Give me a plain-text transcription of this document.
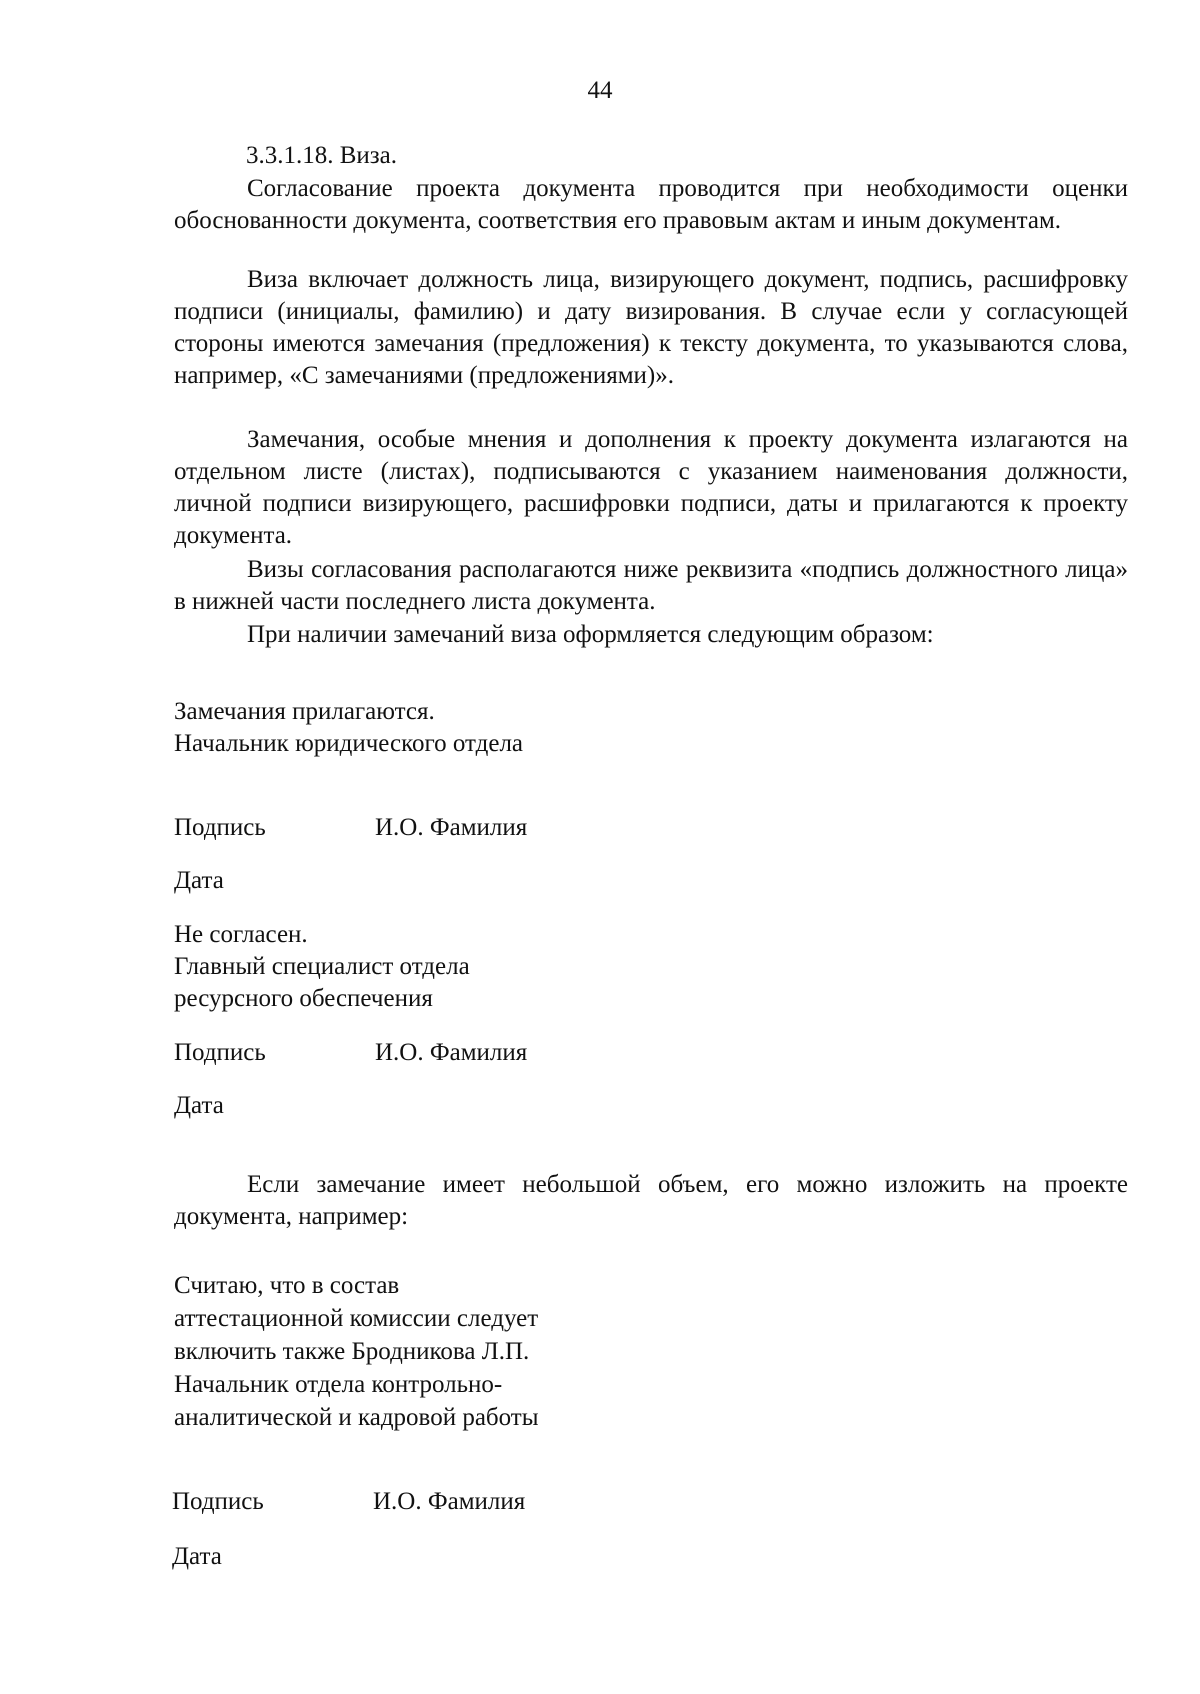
44
3.3.1.18. Виза.
Согласование проекта документа проводится при необходимости оценки обоснованности документа, соответствия его правовым актам и иным документам.
Виза включает должность лица, визирующего документ, подпись, расшифровку подписи (инициалы, фамилию) и дату визирования. В случае если у согласующей стороны имеются замечания (предложения) к тексту документа, то указываются слова, например, «С замечаниями (предложениями)».
Замечания, особые мнения и дополнения к проекту документа излагаются на отдельном листе (листах), подписываются с указанием наименования должности, личной подписи визирующего, расшифровки подписи, даты и прилагаются к проекту документа.
Визы согласования располагаются ниже реквизита «подпись должностного лица» в нижней части последнего листа документа.
При наличии замечаний виза оформляется следующим образом:
Замечания прилагаются.
Начальник юридического отдела
Подпись	И.О. Фамилия
Дата
Не согласен.
Главный специалист отдела
ресурсного обеспечения
Подпись	И.О. Фамилия
Дата
Если замечание имеет небольшой объем, его можно изложить на проекте документа, например:
Считаю, что в состав
аттестационной комиссии следует
включить также Бродникова Л.П.
Начальник отдела контрольно-
аналитической и кадровой работы
Подпись	И.О. Фамилия
Дата
